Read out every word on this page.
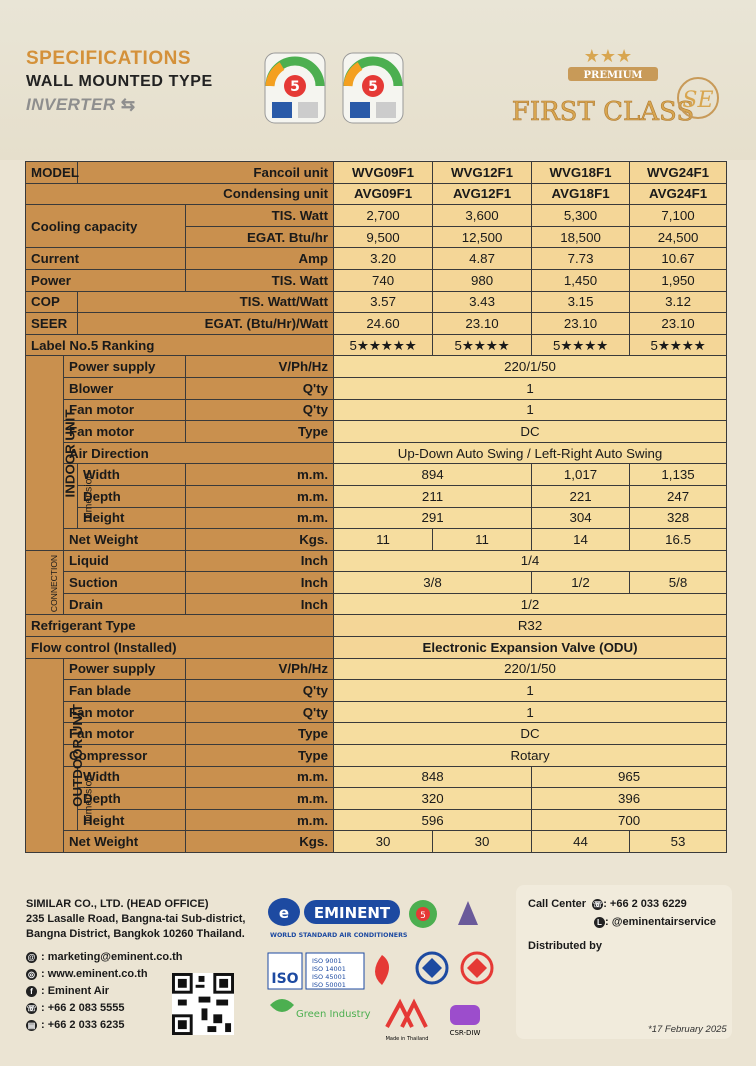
SPECIFICATIONS
WALL MOUNTED TYPE
INVERTER ⇆
5	5
★★★
PREMIUM
FIRST CLASS
SE
MODEL		Fancoil unit		WVG09F1	WVG12F1	WVG18F1	WVG24F1
Condensing unit				AVG09F1	AVG12F1	AVG18F1	AVG24F1
Cooling capacity			TIS. Watt	2,700	3,600	5,300	7,100
			EGAT. Btu/hr	9,500	12,500	18,500	24,500
Current			Amp	3.20	4.87	7.73	10.67
Power			TIS. Watt	740	980	1,450	1,950
COP		TIS. Watt/Watt		3.57	3.43	3.15	3.12
SEER		EGAT. (Btu/Hr)/Watt		24.60	23.10	23.10	23.10
Label No.5 Ranking				5★★★★★	5★★★★	5★★★★	5★★★★
INDOOR UNIT	Power supply		V/Ph/Hz	220/1/50			
	Blower		Q'ty	1			
	Fan motor		Q'ty	1			
	Fan motor		Type	DC			
	Air Direction			Up-Down Auto Swing / Left-Right Auto Swing			
	Dimension	Width	m.m.	894		1,017	1,135
		Depth	m.m.	211		221	247
		Height	m.m.	291		304	328
	Net Weight		Kgs.	11	11	14	16.5
CONNECTION	Liquid		Inch	1/4			
	Suction		Inch	3/8		1/2	5/8
	Drain		Inch	1/2			
Refrigerant Type				R32			
Flow control (Installed)				Electronic Expansion Valve (ODU)			
OUTDOOR UNIT	Power supply		V/Ph/Hz	220/1/50			
	Fan blade		Q'ty	1			
	Fan motor		Q'ty	1			
	Fan motor		Type	DC			
	Compressor		Type	Rotary			
	Dimension	Width	m.m.	848		965	
		Depth	m.m.	320		396	
		Height	m.m.	596		700	
	Net Weight		Kgs.	30	30	44	53
SIMILAR CO., LTD. (HEAD OFFICE)
235 Lasalle Road, Bangna-tai Sub-district,
Bangna District, Bangkok 10260 Thailand.
@ : marketing@eminent.co.th
◎ : www.eminent.co.th
f : Eminent Air
☏ : +66 2 083 5555
▤ : +66 2 033 6235
e EMINENT
WORLD STANDARD AIR CONDITIONERS
5
ISO
ISO 9001
ISO 14001
ISO 45001
ISO 50001
Green Industry
Made in Thailand
CSR-DIW
Call Center ☏: +66 2 033 6229
L : @eminentairservice
Distributed by
*17 February 2025
